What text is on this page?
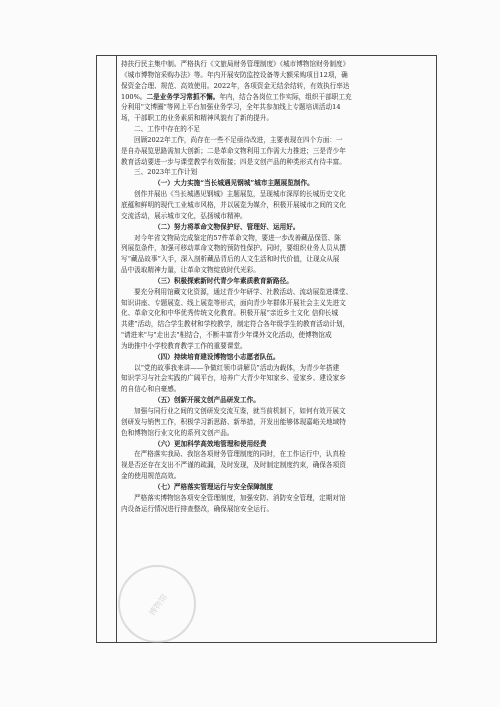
博物馆

持扶行民主集中制。严格执行《文旅局财务管理制度》《城市博物馆财务制度》

《城市博物馆采购办法》等。年内开展安防监控设备等大额采购项目12项，确

保资金合理、规范、高效使用。2022年，各项资金无结余结转，有效执行率达

100%。二是业务学习常抓不懈。年内，结合各岗位工作实际，组织干部职工充

分利用"文博圈"等网上平台加强业务学习，全年共参加线上专题培训活动14

场，干部职工的业务素质和精神风貌有了新的提升。

二、工作中存在的不足

回顾2022年工作，尚存在一些不足亟待改进，主要表现在四个方面：一

是自办展览思路需加大创新；二是革命文物利用工作需大力推进；三是青少年

教育活动要进一步与课堂教学有效衔接；四是文创产品的种类形式有待丰富。

三、2023年工作计划

（一）大力实施“当长城遇见钢城”城市主题展览制作。

创作并展出《当长城遇见钢城》主题展览，呈现城市深厚的长城历史文化

底蕴和鲜明的现代工业城市风格，并以展览为媒介，积极开展城市之间的文化

交流活动，展示城市文化，弘扬城市精神。

（二）努力将革命文物保护好、管理好、运用好。

对今年省文物局完成鉴定的57件革命文物，要进一步改善藏品保管、陈

列展览条件，加强可移动革命文物的预防性保护。同时，要组织业务人员从撰

写“藏品故事”入手，深入剖析藏品背后的人文生活和时代价值，让现众从展

品中汲取精神力量，让革命文物绽放时代光彩。

（三）积极探索新时代青少年素质教育新路径。

要充分利用馆藏文化资源，通过青少年研学、社教活动、流动展览进课堂、

知识讲座、专题展览、线上展览等形式，面向青少年群体开展社会主义先进文

化、革命文化和中华优秀传统文化教育。积极开展“亲近乡土文化 信仰长城

共建”活动，结合学生教材和学校教学，制定符合各年级学生的教育活动计划，

"请进来"与"走出去"相结合，不断丰富青少年课外文化活动，使博物馆成

为助推中小学校教育教学工作的重要课堂。

（四）持续培育建设博物馆小志愿者队伍。

以“党的故事我来讲——争做红领巾讲解员”活动为载体，为青少年搭建

知识学习与社会实践的广阔平台，培养广大青少年知家乡、爱家乡、建设家乡

的自信心和自豪感。

（五）创新开展文创产品研发工作。

加强与同行业之间的文创研发交流互鉴，就当前机制下，如何有效开展文

创研发与销售工作，积极学习新思路、新举措，开发出能够体现嘉峪关地域特

色和博物馆行业文化的系列文创产品。

（六）更加科学高效地管理和使用经费

在严格落实我局、我馆各项财务管理制度的同时，在工作运行中，认真检

视是否还存在支出不严谨的疏漏，及时发现，及时制定制度约束，确保各项资

金的使用规范高效。

（七）严格落实管理运行与安全保障制度

严格落实博物馆各项安全管理制度，加强安防、消防安全管理，定期对馆

内设备运行情况进行排查整改，确保展馆安全运行。
